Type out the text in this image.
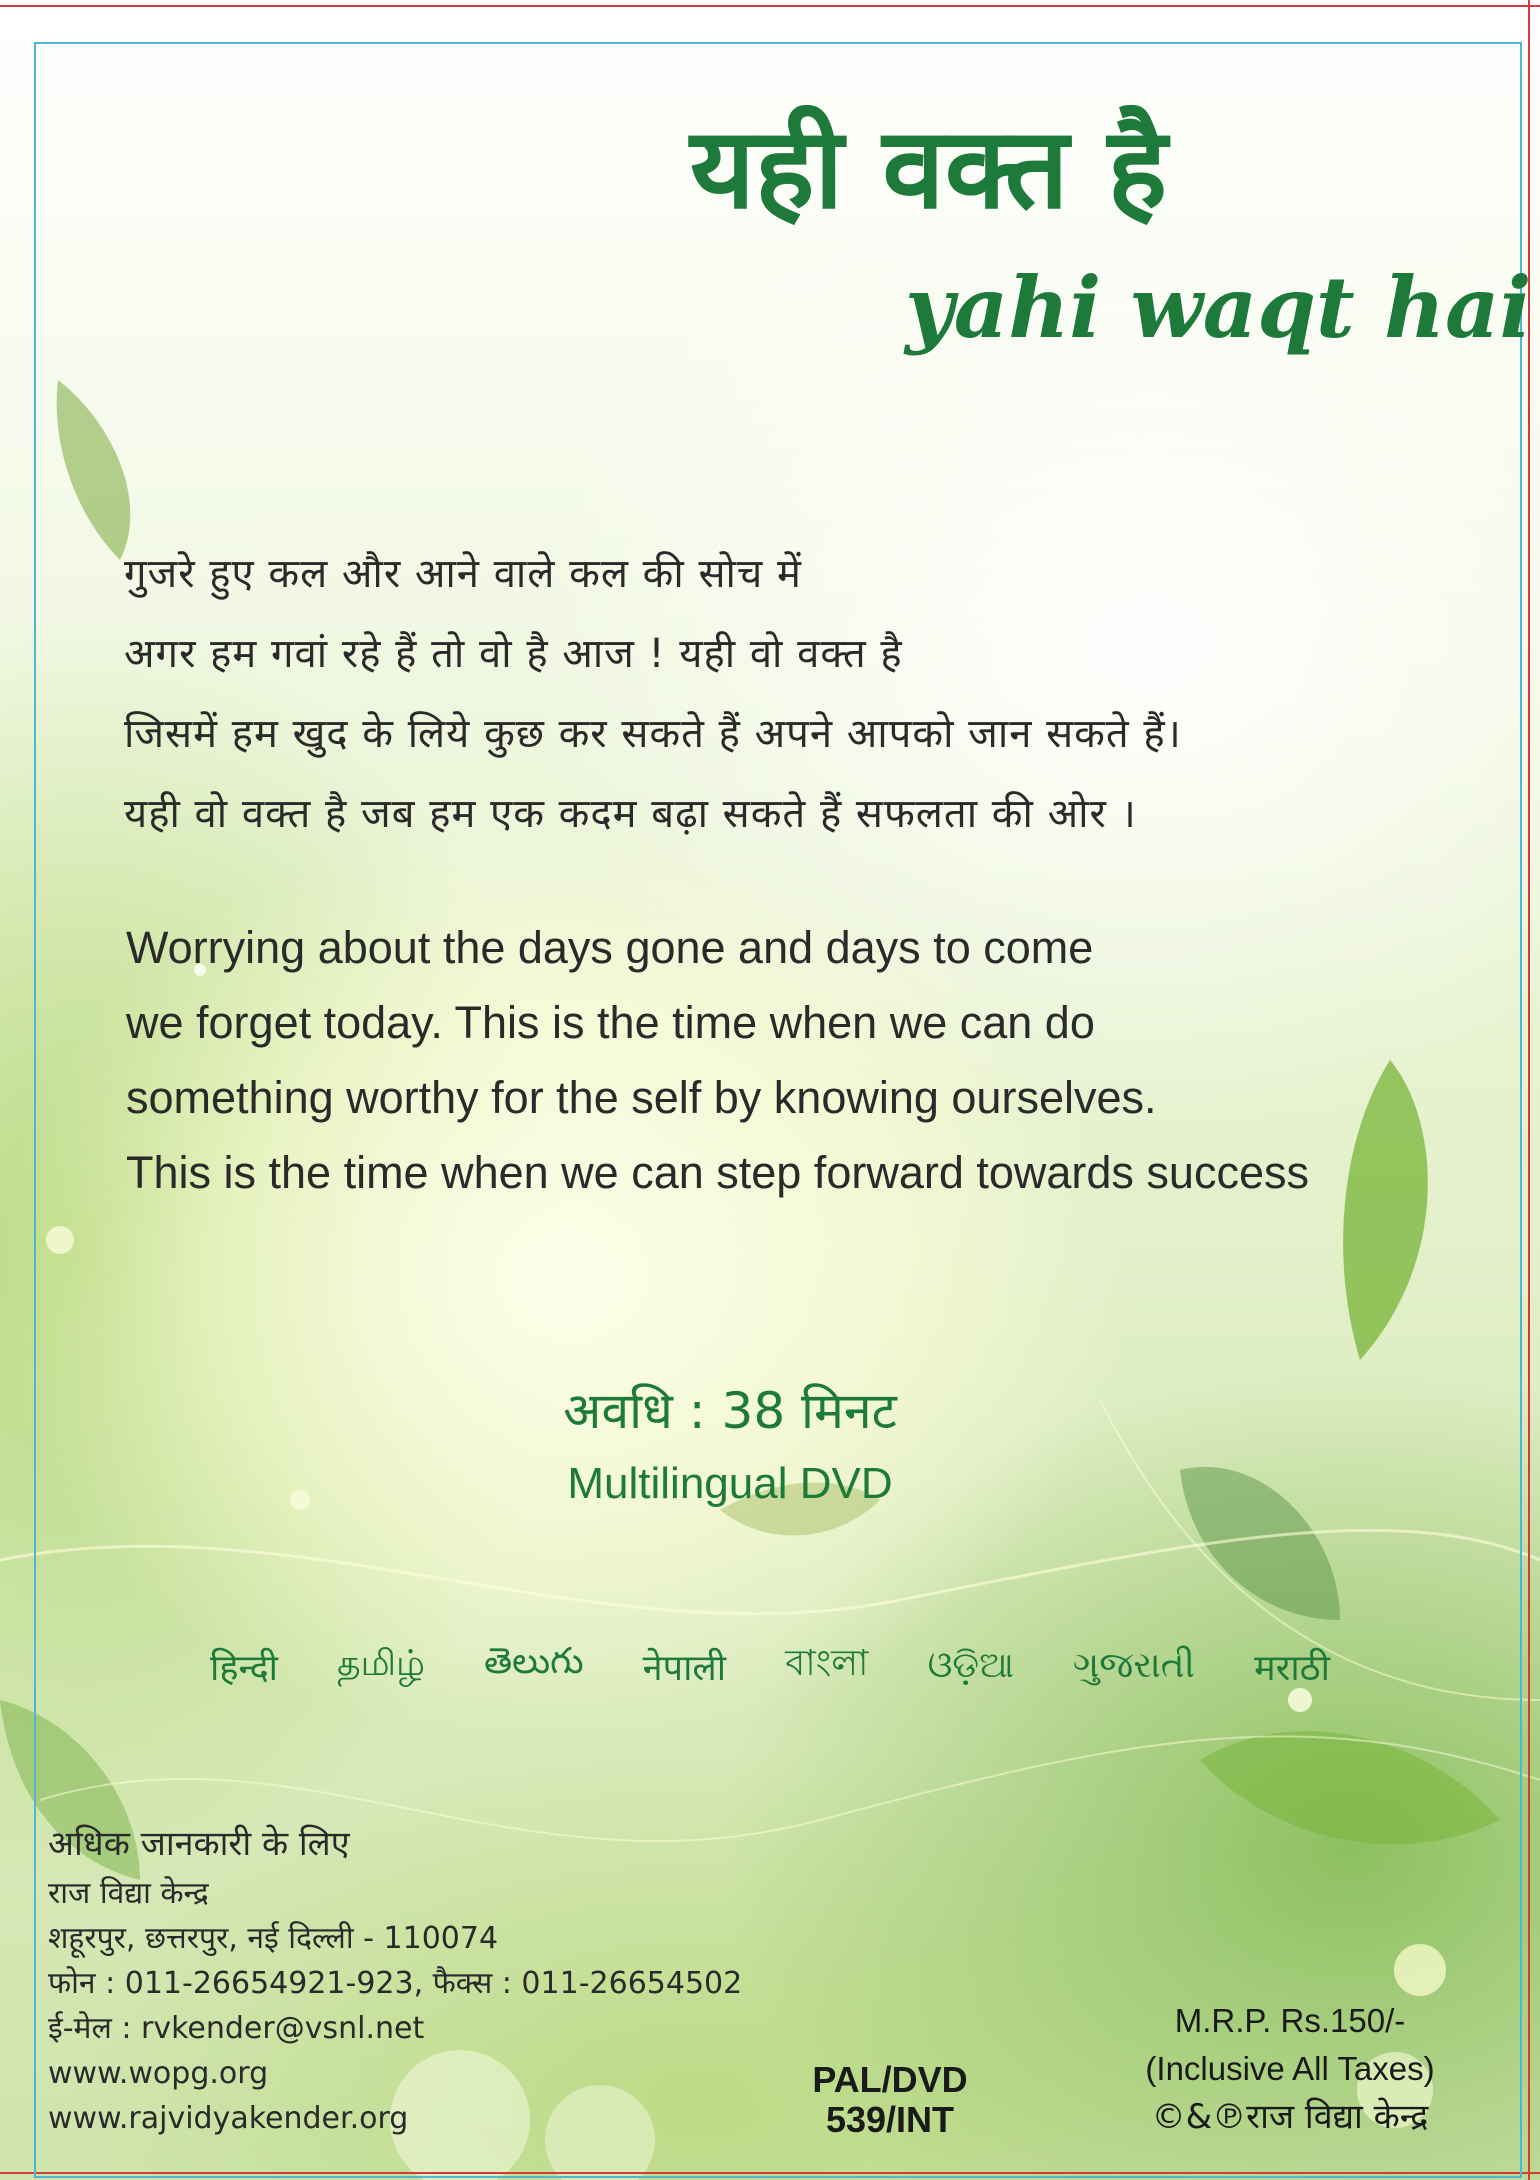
यही वक्त है
yahi waqt hai
गुजरे हुए कल और आने वाले कल की सोच में
अगर हम गवां रहे हैं तो वो है आज ! यही वो वक्त है
जिसमें हम खुद के लिये कुछ कर सकते हैं अपने आपको जान सकते हैं।
यही वो वक्त है जब हम एक कदम बढ़ा सकते हैं सफलता की ओर ।
Worrying about the days gone and days to come
we forget today. This is the time when we can do
something worthy for the self by knowing ourselves.
This is the time when we can step forward towards success
अवधि : 38 मिनट
Multilingual DVD
हिन्दी தமிழ் తెలుగు नेपाली বাংলা ଓଡ଼ିଆ ગુજરાતી मराठी
अधिक जानकारी के लिए
राज विद्या केन्द्र
शहूरपुर, छत्तरपुर, नई दिल्ली - 110074
फोन : 011-26654921-923, फैक्स : 011-26654502
ई-मेल : rvkender@vsnl.net
www.wopg.org
www.rajvidyakender.org
PAL/DVD
539/INT
M.R.P. Rs.150/-
(Inclusive All Taxes)
©&℗राज विद्या केन्द्र
